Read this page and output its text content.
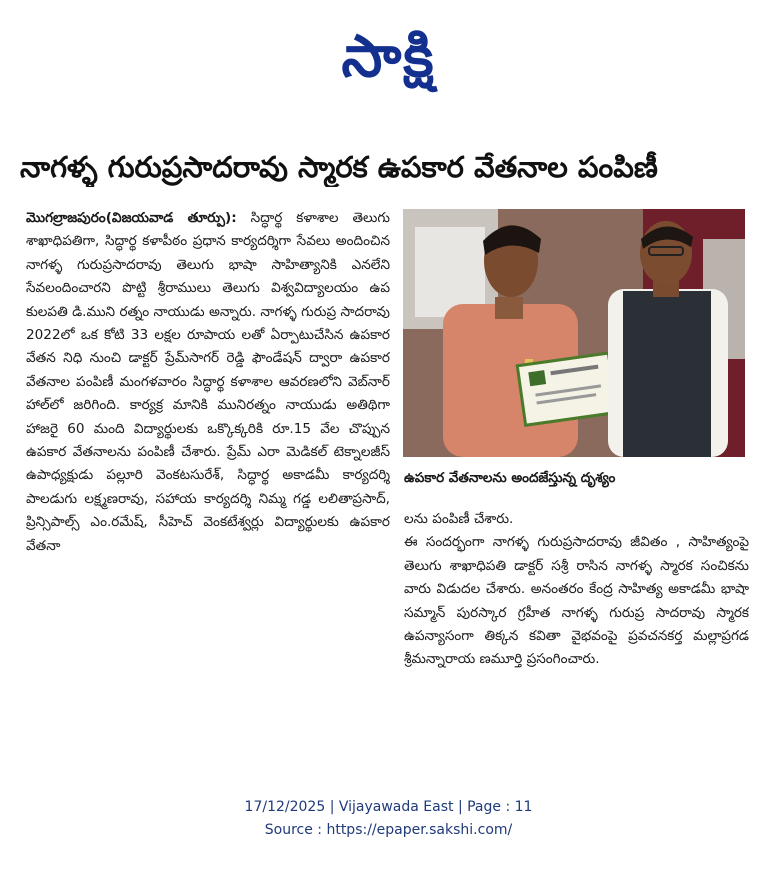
సాక్షి
నాగళ్ళ గురుప్రసాదరావు స్మారక ఉపకార వేతనాల పంపిణీ
మొగల్రాజపురం(విజయవాడ తూర్పు): సిద్ధార్థ కళాశాల తెలుగు శాఖాధిపతిగా, సిద్ధార్థ కళాపీఠం ప్రధాన కార్యదర్శిగా సేవలు అందించిన నాగళ్ళ గురుప్రసాదరావు తెలుగు భాషా సాహిత్యానికి ఎనలేని సేవలందించారని పొట్టి శ్రీరాములు తెలుగు విశ్వవిద్యాలయం ఉప కులపతి డి.ముని రత్నం నాయుడు అన్నారు. నాగళ్ళ గురుప్ర సాదరావు 2022లో ఒక కోటి 33 లక్షల రూపాయ లతో ఏర్పాటుచేసిన ఉపకార వేతన నిధి నుంచి డాక్టర్ ప్రేమ్‌సాగర్ రెడ్డి ఫౌండేషన్ ద్వారా ఉపకార వేతనాల పంపిణీ మంగళవారం సిద్ధార్థ కళాశాల ఆవరణలోని వెబ్‌నార్ హాల్‌లో జరిగింది. కార్యక్ర మానికి మునిరత్నం నాయుడు అతిథిగా హాజరై 60 మంది విద్యార్థులకు ఒక్కొక్కరికి రూ.15 వేల చొప్పున ఉపకార వేతనాలను పంపిణీ చేశారు. ప్రేమ్ ఎరా మెడికల్ టెక్నాలజీస్ ఉపాధ్యక్షుడు పల్లూరి వెంకటసురేశ్, సిద్ధార్థ అకాడమీ కార్యదర్శి పాలడుగు లక్ష్మణరావు, సహాయ కార్యదర్శి నిమ్మ గడ్డ లలితాప్రసాద్, ప్రిన్సిపాల్స్ ఎం.రమేష్, సీహెచ్ వెంకటేశ్వర్లు విద్యార్థులకు ఉపకార వేతనా
ఉపకార వేతనాలను అందజేస్తున్న దృశ్యం

లను పంపిణీ చేశారు.

ఈ సందర్భంగా నాగళ్ళ గురుప్రసాదరావు జీవితం , సాహిత్యంపై తెలుగు శాఖాధిపతి డాక్టర్ సశ్రీ రాసిన నాగళ్ళ స్మారక సంచికను వారు విడుదల చేశారు. అనంతరం కేంద్ర సాహిత్య అకాడమీ భాషా సమ్మాన్ పురస్కార గ్రహీత నాగళ్ళ గురుప్ర సాదరావు స్మారక ఉపన్యాసంగా తిక్కన కవితా వైభవంపై ప్రవచనకర్త మల్లాప్రగడ శ్రీమన్నారాయ ణమూర్తి ప్రసంగించారు.

17/12/2025 | Vijayawada East | Page : 11
Source : https://epaper.sakshi.com/
